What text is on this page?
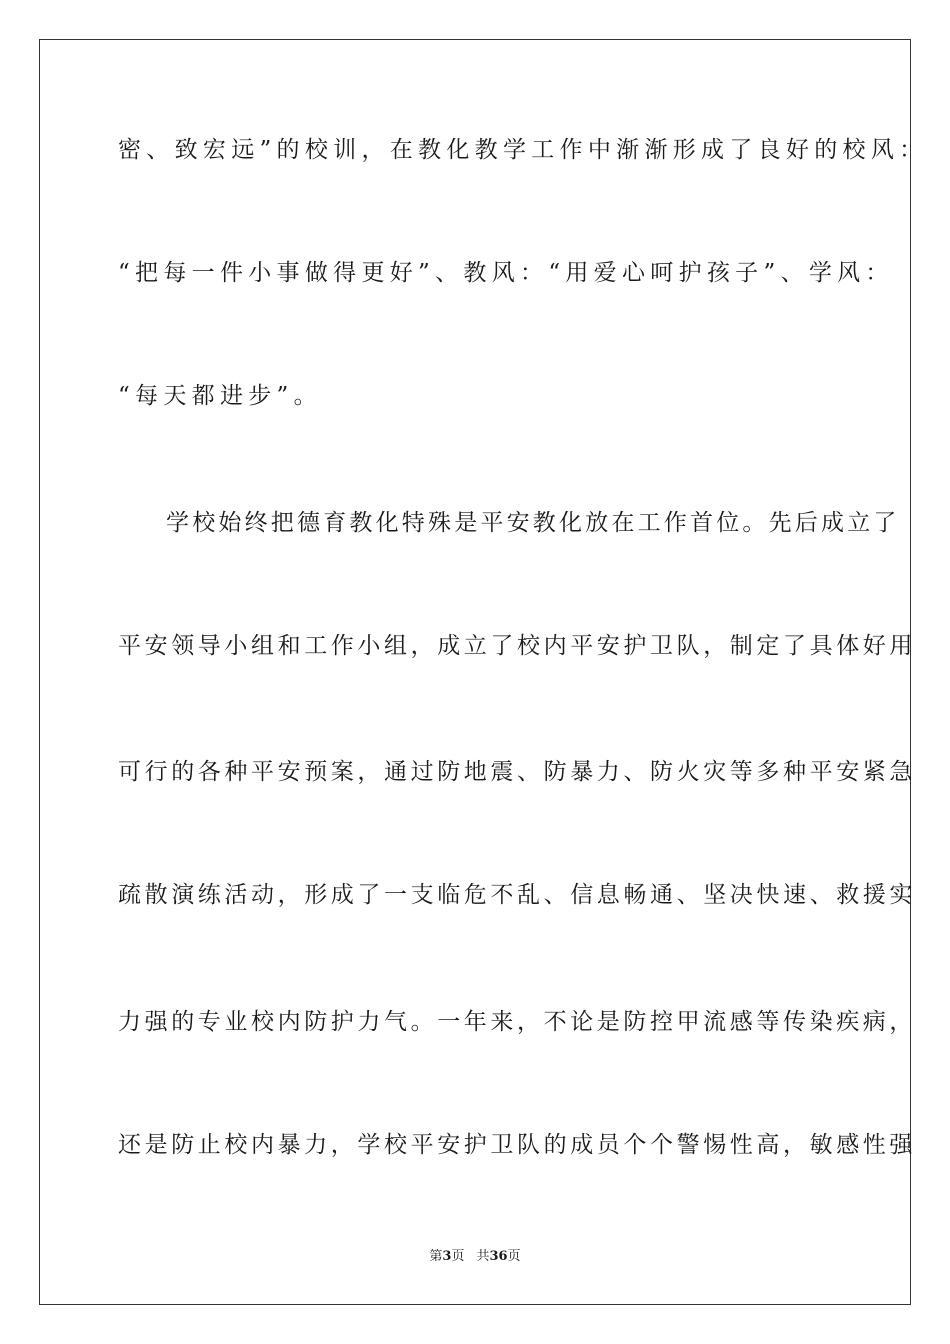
密、致宏远”的校训，在教化教学工作中渐渐形成了良好的校风：
“把每一件小事做得更好”、教风：“用爱心呵护孩子”、学风：
“每天都进步”。
学校始终把德育教化特殊是平安教化放在工作首位。先后成立了
平安领导小组和工作小组，成立了校内平安护卫队，制定了具体好用
可行的各种平安预案，通过防地震、防暴力、防火灾等多种平安紧急
疏散演练活动，形成了一支临危不乱、信息畅通、坚决快速、救援实
力强的专业校内防护力气。一年来，不论是防控甲流感等传染疾病，
还是防止校内暴力，学校平安护卫队的成员个个警惕性高，敏感性强
第3页 共36页
